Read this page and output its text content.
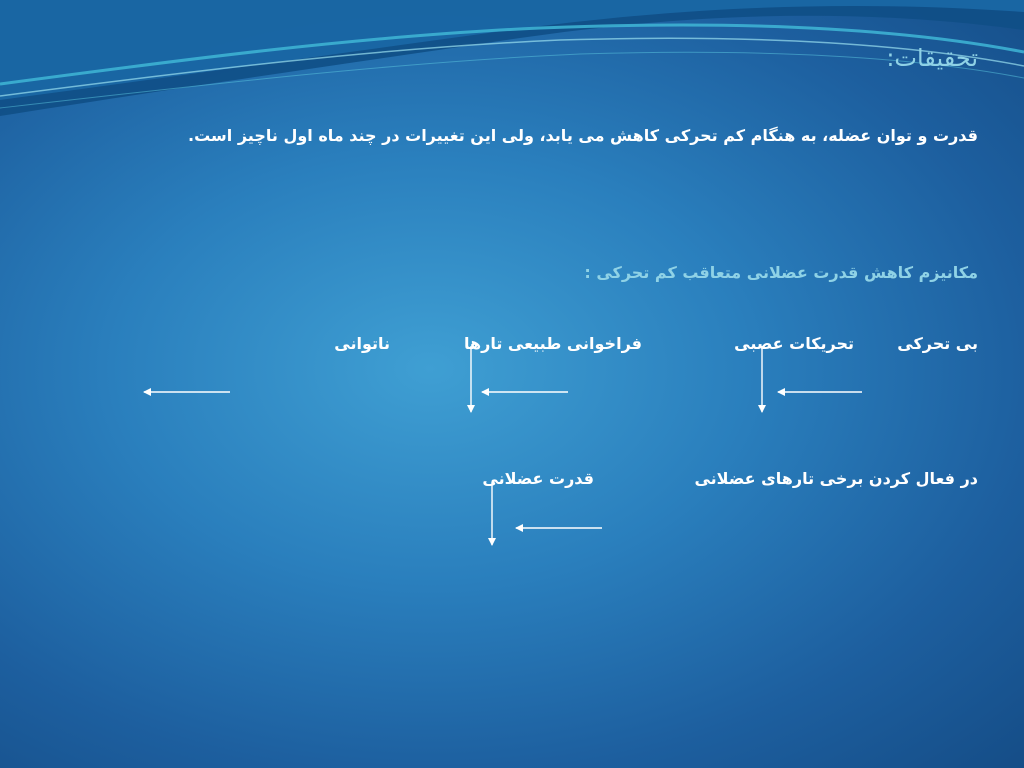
تحقیقات:
قدرت و توان عضله، به هنگام کم تحرکی کاهش می یابد، ولی این تغییرات در چند ماه اول ناچیز است.
مکانیزم کاهش قدرت عضلانی متعاقب کم تحرکی :
بی تحرکی
تحریکات عصبی
فراخوانی طبیعی تارها
ناتوانی
در فعال کردن برخی تارهای عضلانی
قدرت عضلانی
